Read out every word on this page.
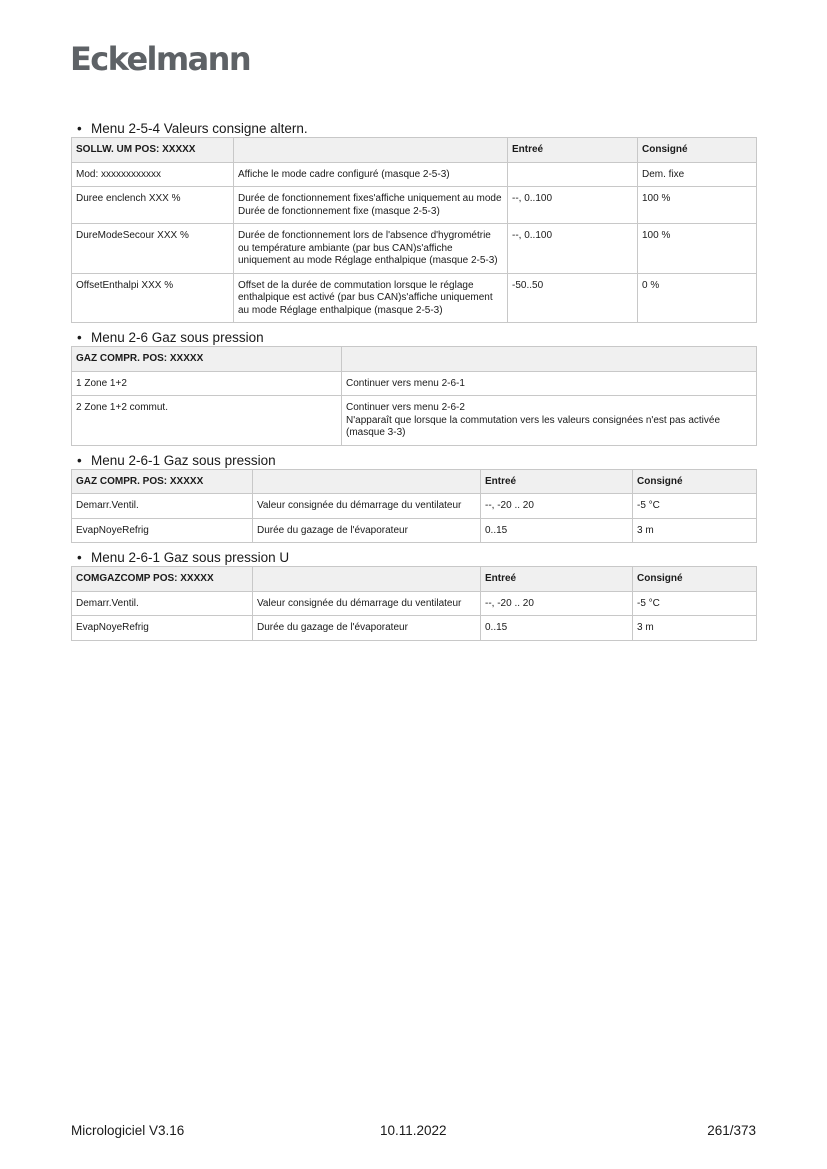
Eckelmann
• Menu 2-5-4 Valeurs consigne altern.
SOLLW. UM POS: XXXXX		Entreé	Consigné
Mod: xxxxxxxxxxxx	Affiche le mode cadre configuré (masque 2-5-3)		Dem. fixe
Duree enclench XXX %	Durée de fonctionnement fixes'affiche uniquement au mode Durée de fonctionnement fixe (masque 2-5-3)	--, 0..100	100 %
DureModeSecour XXX %	Durée de fonctionnement lors de l'absence d'hygrométrie ou température ambiante (par bus CAN)s'affiche uniquement au mode Réglage enthalpique (masque 2-5-3)	--, 0..100	100 %
OffsetEnthalpi XXX %	Offset de la durée de commutation lorsque le réglage enthalpique est activé (par bus CAN)s'affiche uniquement au mode Réglage enthalpique (masque 2-5-3)	-50..50	0 %
• Menu 2-6 Gaz sous pression
GAZ COMPR. POS: XXXXX	
1 Zone 1+2	Continuer vers menu 2-6-1
2 Zone 1+2 commut.	Continuer vers menu 2-6-2
N'apparaît que lorsque la commutation vers les valeurs consignées n'est pas activée (masque 3-3)
• Menu 2-6-1 Gaz sous pression
GAZ COMPR. POS: XXXXX		Entreé	Consigné
Demarr.Ventil.	Valeur consignée du démarrage du ventilateur	--, -20 .. 20	-5 °C
EvapNoyeRefrig	Durée du gazage de l'évaporateur	0..15	3 m
• Menu 2-6-1 Gaz sous pression U
COMGAZCOMP POS: XXXXX		Entreé	Consigné
Demarr.Ventil.	Valeur consignée du démarrage du ventilateur	--, -20 .. 20	-5 °C
EvapNoyeRefrig	Durée du gazage de l'évaporateur	0..15	3 m
Micrologiciel V3.16	10.11.2022	261/373
